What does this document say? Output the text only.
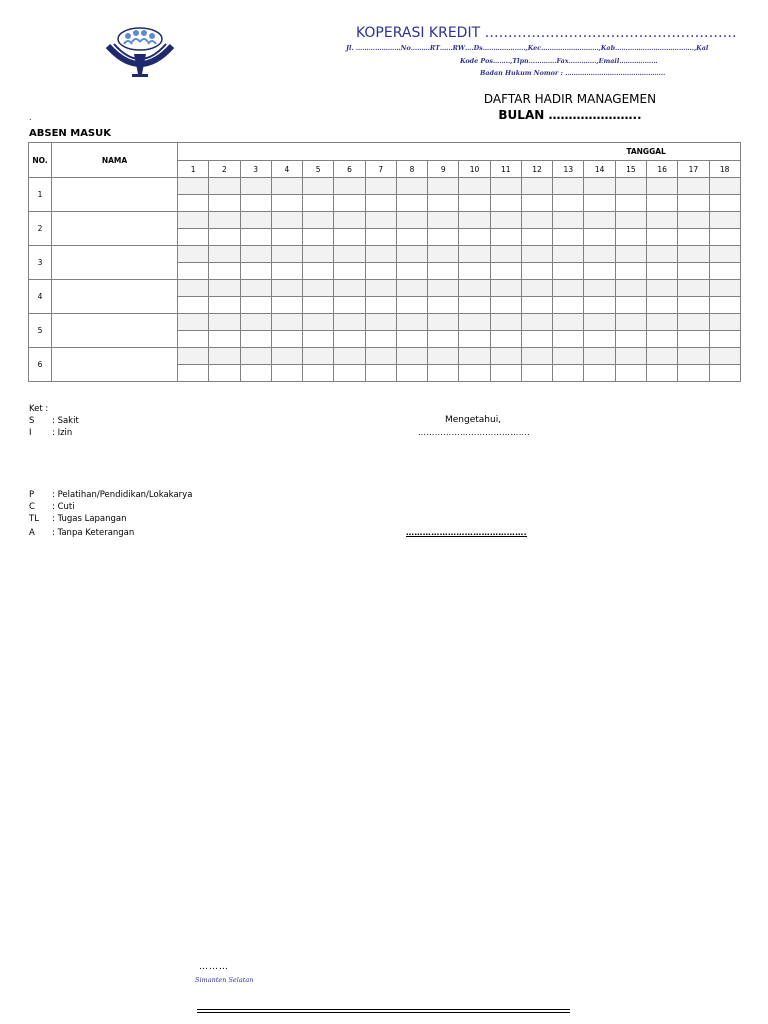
KOPERASI KREDIT ………………………………………………
Jl. …………………No………RT……RW….Ds………………..,Kec………………………,Kab……………………………….,Kal
Kode Pos……..,Tlpn………….Fax………….,Email………………
Badan Hukum Nomor : ………………………………………..
DAFTAR HADIR MANAGEMEN
BULAN …………………..
.
ABSEN MASUK
NO.	NAMA	TANGGAL																	
		1	2	3	4	5	6	7	8	9	10	11	12	13	14	15	16	17	18
1																			

2																			

3																			

4																			

5																			

6																			

Ket :
S : Sakit
I : Izin
P : Pelatihan/Pendidikan/Lokakarya
C : Cuti
TL : Tugas Lapangan
A : Tanpa Keterangan
Mengetahui,
………………………………….
…………………………………….
………
Simanten Selatan
